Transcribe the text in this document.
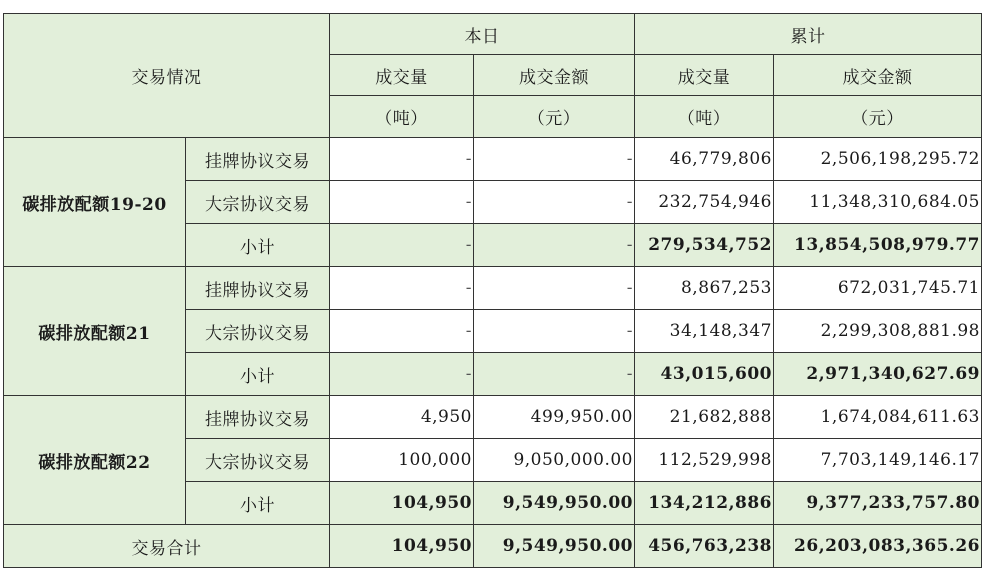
交易情况		本日		累计	
		成交量	成交金额	成交量	成交金额
		（吨）	（元）	（吨）	（元）
碳排放配额19-20	挂牌协议交易	-	-	46,779,806	2,506,198,295.72
	大宗协议交易	-	-	232,754,946	11,348,310,684.05
	小计	-	-	279,534,752	13,854,508,979.77
碳排放配额21	挂牌协议交易	-	-	8,867,253	672,031,745.71
	大宗协议交易	-	-	34,148,347	2,299,308,881.98
	小计	-	-	43,015,600	2,971,340,627.69
碳排放配额22	挂牌协议交易	4,950	499,950.00	21,682,888	1,674,084,611.63
	大宗协议交易	100,000	9,050,000.00	112,529,998	7,703,149,146.17
	小计	104,950	9,549,950.00	134,212,886	9,377,233,757.80
交易合计		104,950	9,549,950.00	456,763,238	26,203,083,365.26
